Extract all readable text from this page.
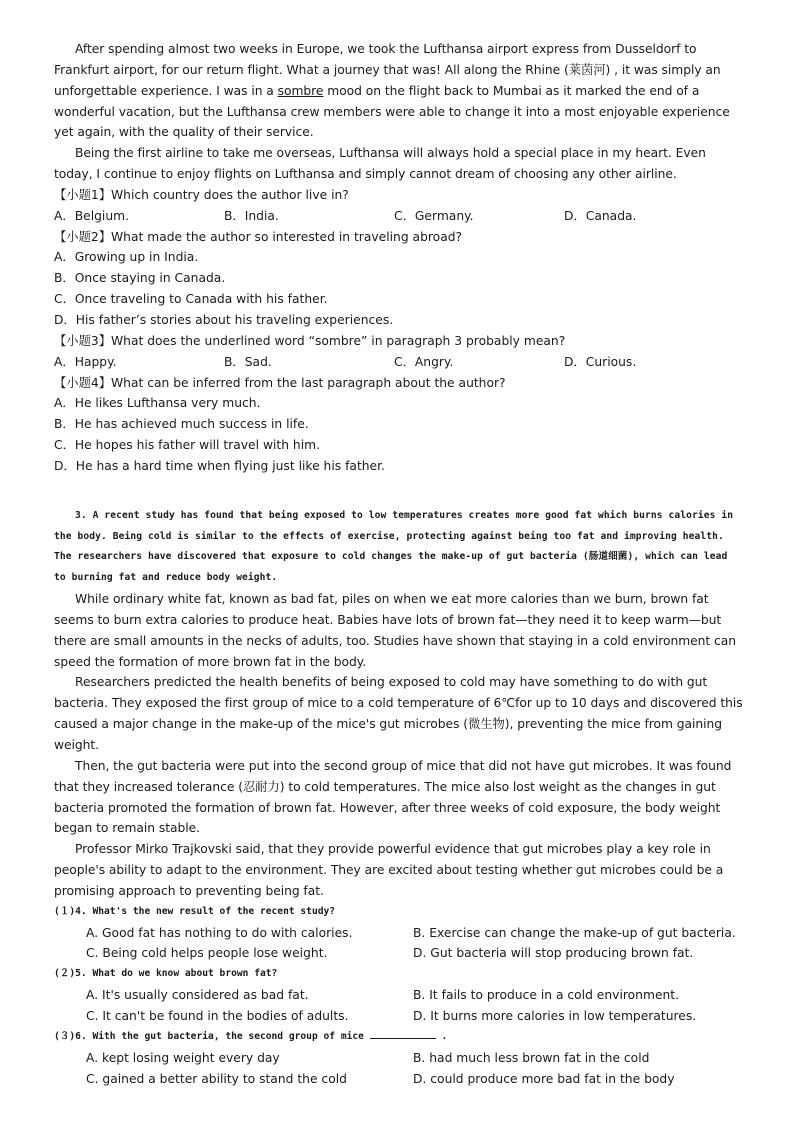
After spending almost two weeks in Europe, we took the Lufthansa airport express from Dusseldorf to Frankfurt airport, for our return flight. What a journey that was! All along the Rhine (莱茵河) , it was simply an unforgettable experience. I was in a sombre mood on the flight back to Mumbai as it marked the end of a wonderful vacation, but the Lufthansa crew members were able to change it into a most enjoyable experience yet again, with the quality of their service.

Being the first airline to take me overseas, Lufthansa will always hold a special place in my heart. Even today, I continue to enjoy flights on Lufthansa and simply cannot dream of choosing any other airline.

【小题1】Which country does the author live in?

A．Belgium.	B．India.	C．Germany.	D．Canada.

【小题2】What made the author so interested in traveling abroad?

A．Growing up in India.

B．Once staying in Canada.

C．Once traveling to Canada with his father.

D．His father’s stories about his traveling experiences.

【小题3】What does the underlined word “sombre” in paragraph 3 probably mean?

A．Happy.	B．Sad.	C．Angry.	D．Curious.

【小题4】What can be inferred from the last paragraph about the author?

A．He likes Lufthansa very much.

B．He has achieved much success in life.

C．He hopes his father will travel with him.

D．He has a hard time when flying just like his father.

3. A recent study has found that being exposed to low temperatures creates more good fat which burns calories in the body. Being cold is similar to the effects of exercise, protecting against being too fat and improving health. The researchers have discovered that exposure to cold changes the make-up of gut bacteria (肠道细菌), which can lead to burning fat and reduce body weight.

While ordinary white fat, known as bad fat, piles on when we eat more calories than we burn, brown fat seems to burn extra calories to produce heat. Babies have lots of brown fat—they need it to keep warm—but there are small amounts in the necks of adults, too. Studies have shown that staying in a cold environment can speed the formation of more brown fat in the body.

Researchers predicted the health benefits of being exposed to cold may have something to do with gut bacteria. They exposed the first group of mice to a cold temperature of 6℃for up to 10 days and discovered this caused a major change in the make-up of the mice's gut microbes (微生物), preventing the mice from gaining weight.

Then, the gut bacteria were put into the second group of mice that did not have gut microbes. It was found that they increased tolerance (忍耐力) to cold temperatures. The mice also lost weight as the changes in gut bacteria promoted the formation of brown fat. However, after three weeks of cold exposure, the body weight began to remain stable.

Professor Mirko Trajkovski said, that they provide powerful evidence that gut microbes play a key role in people's ability to adapt to the environment. They are excited about testing whether gut microbes could be a promising approach to preventing being fat.

(１)4. What's the new result of the recent study?

A. Good fat has nothing to do with calories.	B. Exercise can change the make-up of gut bacteria.
C. Being cold helps people lose weight.	D. Gut bacteria will stop producing brown fat.

(２)5. What do we know about brown fat?

A. It's usually considered as bad fat.	B. It fails to produce in a cold environment.
C. It can't be found in the bodies of adults.	D. It burns more calories in low temperatures.

(３)6. With the gut bacteria, the second group of mice	.

A. kept losing weight every day	B. had much less brown fat in the cold
C. gained a better ability to stand the cold	D. could produce more bad fat in the body
